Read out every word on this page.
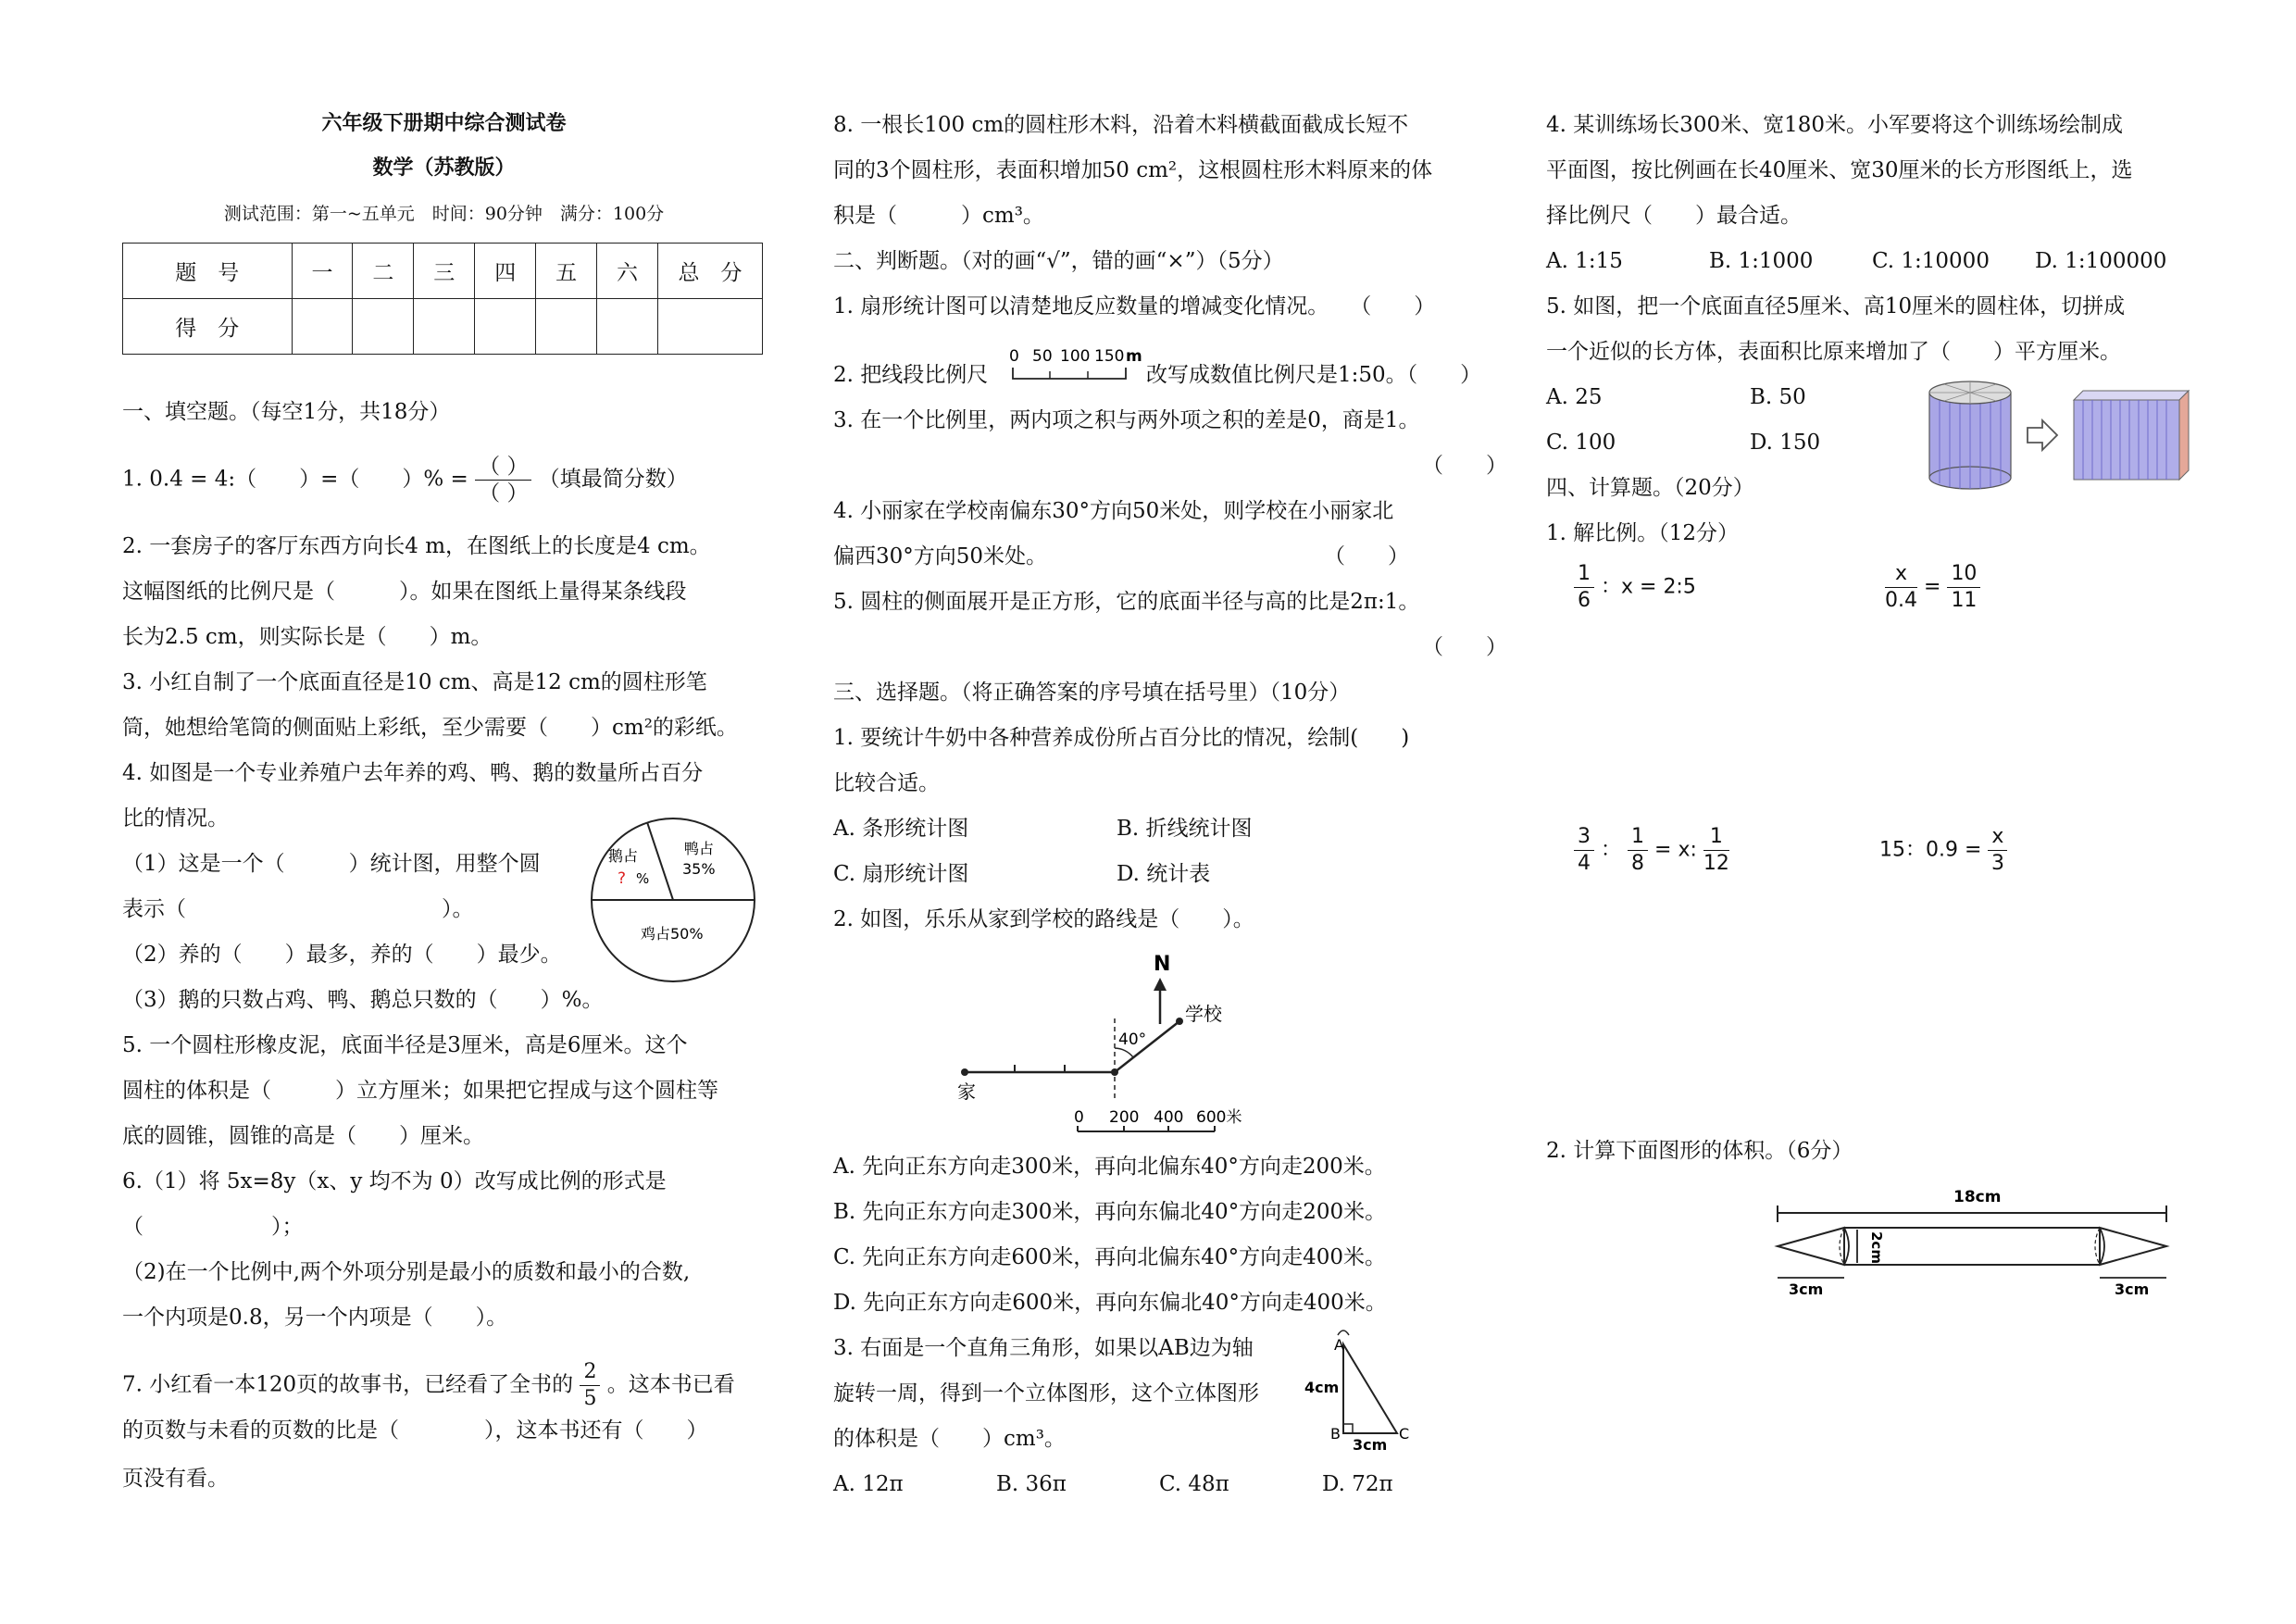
六年级下册期中综合测试卷
数学（苏教版）
测试范围：第一~五单元　时间：90分钟　满分：100分
题　号	一	二	三	四	五	六	总　分
得　分							
一、填空题。（每空1分，共18分）
1. 0.4 = 4:（　　）=（　　）% = $\frac{( )}{( )}$ （填最简分数）
2. 一套房子的客厅东西方向长4 m，在图纸上的长度是4 cm。
这幅图纸的比例尺是（　　　）。如果在图纸上量得某条线段
长为2.5 cm，则实际长是（　　）m。
3. 小红自制了一个底面直径是10 cm、高是12 cm的圆柱形笔
筒，她想给笔筒的侧面贴上彩纸，至少需要（　　）cm²的彩纸。
4. 如图是一个专业养殖户去年养的鸡、鸭、鹅的数量所占百分
比的情况。
（1）这是一个（　　　）统计图，用整个圆
表示（　　　　　　　　　　　　）。
（2）养的（　　）最多，养的（　　）最少。
（3）鹅的只数占鸡、鸭、鹅总只数的（　　）%。
鹅占
? %
鸭占
35%
鸡占50%
5. 一个圆柱形橡皮泥，底面半径是3厘米，高是6厘米。这个
圆柱的体积是（　　　）立方厘米；如果把它捏成与这个圆柱等
底的圆锥，圆锥的高是（　　）厘米。
6.（1）将 5x=8y（x、y 均不为 0）改写成比例的形式是
（　　　　　　）；
（2)在一个比例中,两个外项分别是最小的质数和最小的合数,
一个内项是0.8，另一个内项是（　　）。
7. 小红看一本120页的故事书，已经看了全书的 $\frac{2}{5}$ 。这本书已看
的页数与未看的页数的比是（　　　　），这本书还有（　　）
页没有看。
8. 一根长100 cm的圆柱形木料，沿着木料横截面截成长短不
同的3个圆柱形，表面积增加50 cm²，这根圆柱形木料原来的体
积是（　　　）cm³。
二、判断题。（对的画“√”，错的画“×”）（5分）
1. 扇形统计图可以清楚地反应数量的增减变化情况。　　（　　）
2. 把线段比例尺
0 50 100 150 m
改写成数值比例尺是1:50。（　　）
3. 在一个比例里，两内项之积与两外项之积的差是0，商是1。
（　　）
4. 小丽家在学校南偏东30°方向50米处，则学校在小丽家北
偏西30°方向50米处。　　　　　　　　　　　　　　（　　）
5. 圆柱的侧面展开是正方形，它的底面半径与高的比是2π:1。
（　　）
三、选择题。（将正确答案的序号填在括号里）（10分）
1. 要统计牛奶中各种营养成份所占百分比的情况，绘制(　　)
比较合适。
A. 条形统计图	B. 折线统计图
C. 扇形统计图	D. 统计表
2. 如图，乐乐从家到学校的路线是（　　）。
N
40°
学校
家
0 200 400 600米
A. 先向正东方向走300米，再向北偏东40°方向走200米。
B. 先向正东方向走300米，再向东偏北40°方向走200米。
C. 先向正东方向走600米，再向北偏东40°方向走400米。
D. 先向正东方向走600米，再向东偏北40°方向走400米。
3. 右面是一个直角三角形，如果以AB边为轴
旋转一周，得到一个立体图形，这个立体图形
的体积是（　　）cm³。
A
B	C
4cm
3cm
A. 12π	B. 36π	C. 48π	D. 72π
4. 某训练场长300米、宽180米。小军要将这个训练场绘制成
平面图，按比例画在长40厘米、宽30厘米的长方形图纸上，选
择比例尺（　　）最合适。
A. 1:15	B. 1:1000	C. 1:10000 D. 1:100000
5. 如图，把一个底面直径5厘米、高10厘米的圆柱体，切拼成
一个近似的长方体，表面积比原来增加了（　　）平方厘米。
A. 25	B. 50
C. 100	D. 150
四、计算题。（20分）
1. 解比例。（12分）
$\frac{1}{6}$ ：x = 2:5	$\frac{x}{0.4} = \frac{10}{11}$
$\frac{3}{4}$ ： $\frac{1}{8} = x$: $\frac{1}{12}$	15：$0.9 = \frac{x}{3}$
2. 计算下面图形的体积。（6分）
18cm
2cm
3cm	3cm
